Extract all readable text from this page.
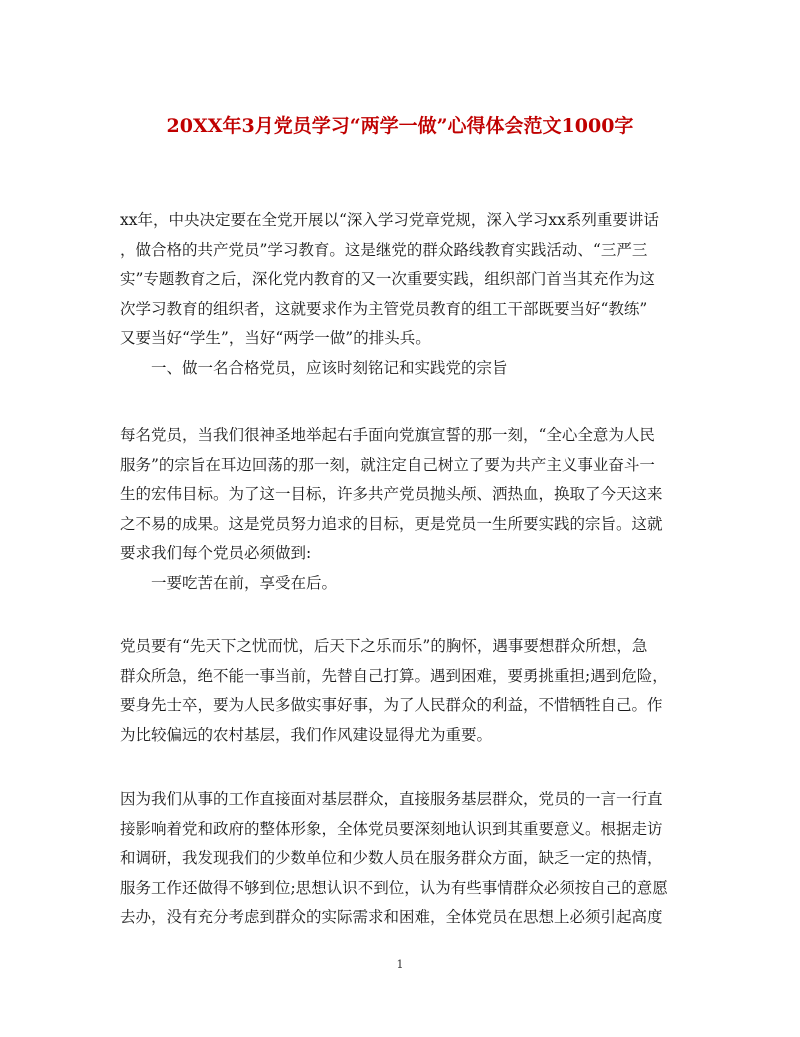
20XX年3月党员学习“两学一做”心得体会范文1000字
xx年，中央决定要在全党开展以“深入学习党章党规，深入学习xx系列重要讲话
，做合格的共产党员”学习教育。这是继党的群众路线教育实践活动、“三严三
实”专题教育之后，深化党内教育的又一次重要实践，组织部门首当其充作为这
次学习教育的组织者，这就要求作为主管党员教育的组工干部既要当好“教练”
又要当好“学生”，当好“两学一做”的排头兵。
一、做一名合格党员，应该时刻铭记和实践党的宗旨
每名党员，当我们很神圣地举起右手面向党旗宣誓的那一刻，“全心全意为人民
服务”的宗旨在耳边回荡的那一刻，就注定自己树立了要为共产主义事业奋斗一
生的宏伟目标。为了这一目标，许多共产党员抛头颅、洒热血，换取了今天这来
之不易的成果。这是党员努力追求的目标，更是党员一生所要实践的宗旨。这就
要求我们每个党员必须做到:
一要吃苦在前，享受在后。
党员要有“先天下之忧而忧，后天下之乐而乐”的胸怀，遇事要想群众所想，急
群众所急，绝不能一事当前，先替自己打算。遇到困难，要勇挑重担;遇到危险，
要身先士卒，要为人民多做实事好事，为了人民群众的利益，不惜牺牲自己。作
为比较偏远的农村基层，我们作风建设显得尤为重要。
因为我们从事的工作直接面对基层群众，直接服务基层群众，党员的一言一行直
接影响着党和政府的整体形象，全体党员要深刻地认识到其重要意义。根据走访
和调研，我发现我们的少数单位和少数人员在服务群众方面，缺乏一定的热情，
服务工作还做得不够到位;思想认识不到位，认为有些事情群众必须按自己的意愿
去办，没有充分考虑到群众的实际需求和困难，全体党员在思想上必须引起高度
1
